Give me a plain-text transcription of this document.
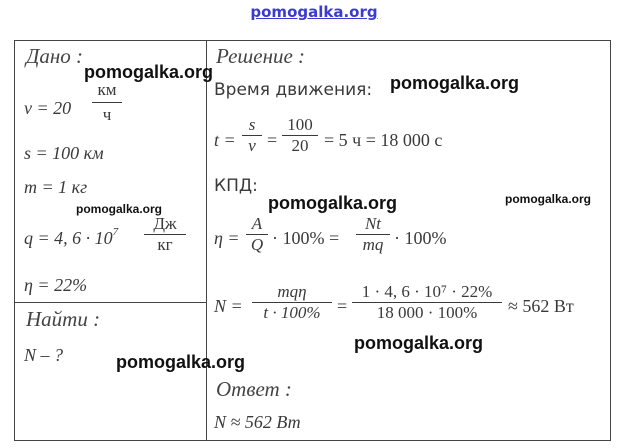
pomogalka.org
Дано :
v = 20
км
ч
s = 100 км
m = 1 кг
q = 4, $6 \cdot 10^7$	Дж
кг
η = 22%
Найти :
N – ?
Решение :
Время движения:
$t = \frac{s}{v} = \frac{100}{20} = 5$ ч = 18 000 с
КПД:
$\eta = \frac{A}{Q} \cdot 100\% = \frac{Nt}{mq} \cdot 100\%$
N =
mqη
$t \cdot 100\% = \frac{\text{1 · 4, 6 · 10⁷ · 22\%}}{18 000 \cdot 100\%} \approx 562$ Вт
Ответ :
N ≈ 562 Вт
pomogalka.org
pomogalka.org
pomogalka.org	pomogalka.org	pomogalka.org
pomogalka.org
pomogalka.org
